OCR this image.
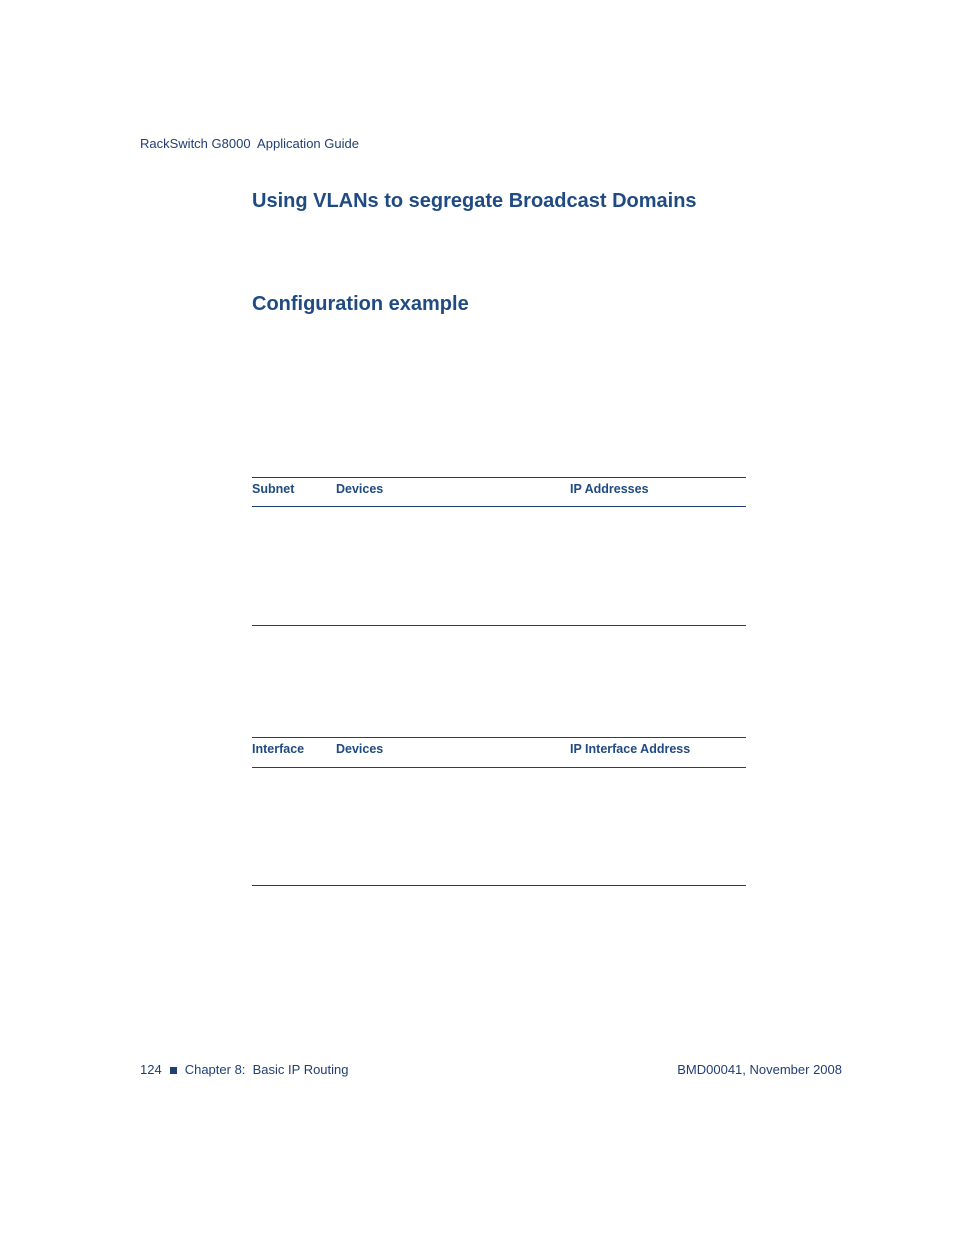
RackSwitch G8000  Application Guide
Using VLANs to segregate Broadcast Domains
Configuration example
Subnet	Devices	IP Addresses
Interface	Devices	IP Interface Address
124 Chapter 8:  Basic IP Routing	BMD00041, November 2008
